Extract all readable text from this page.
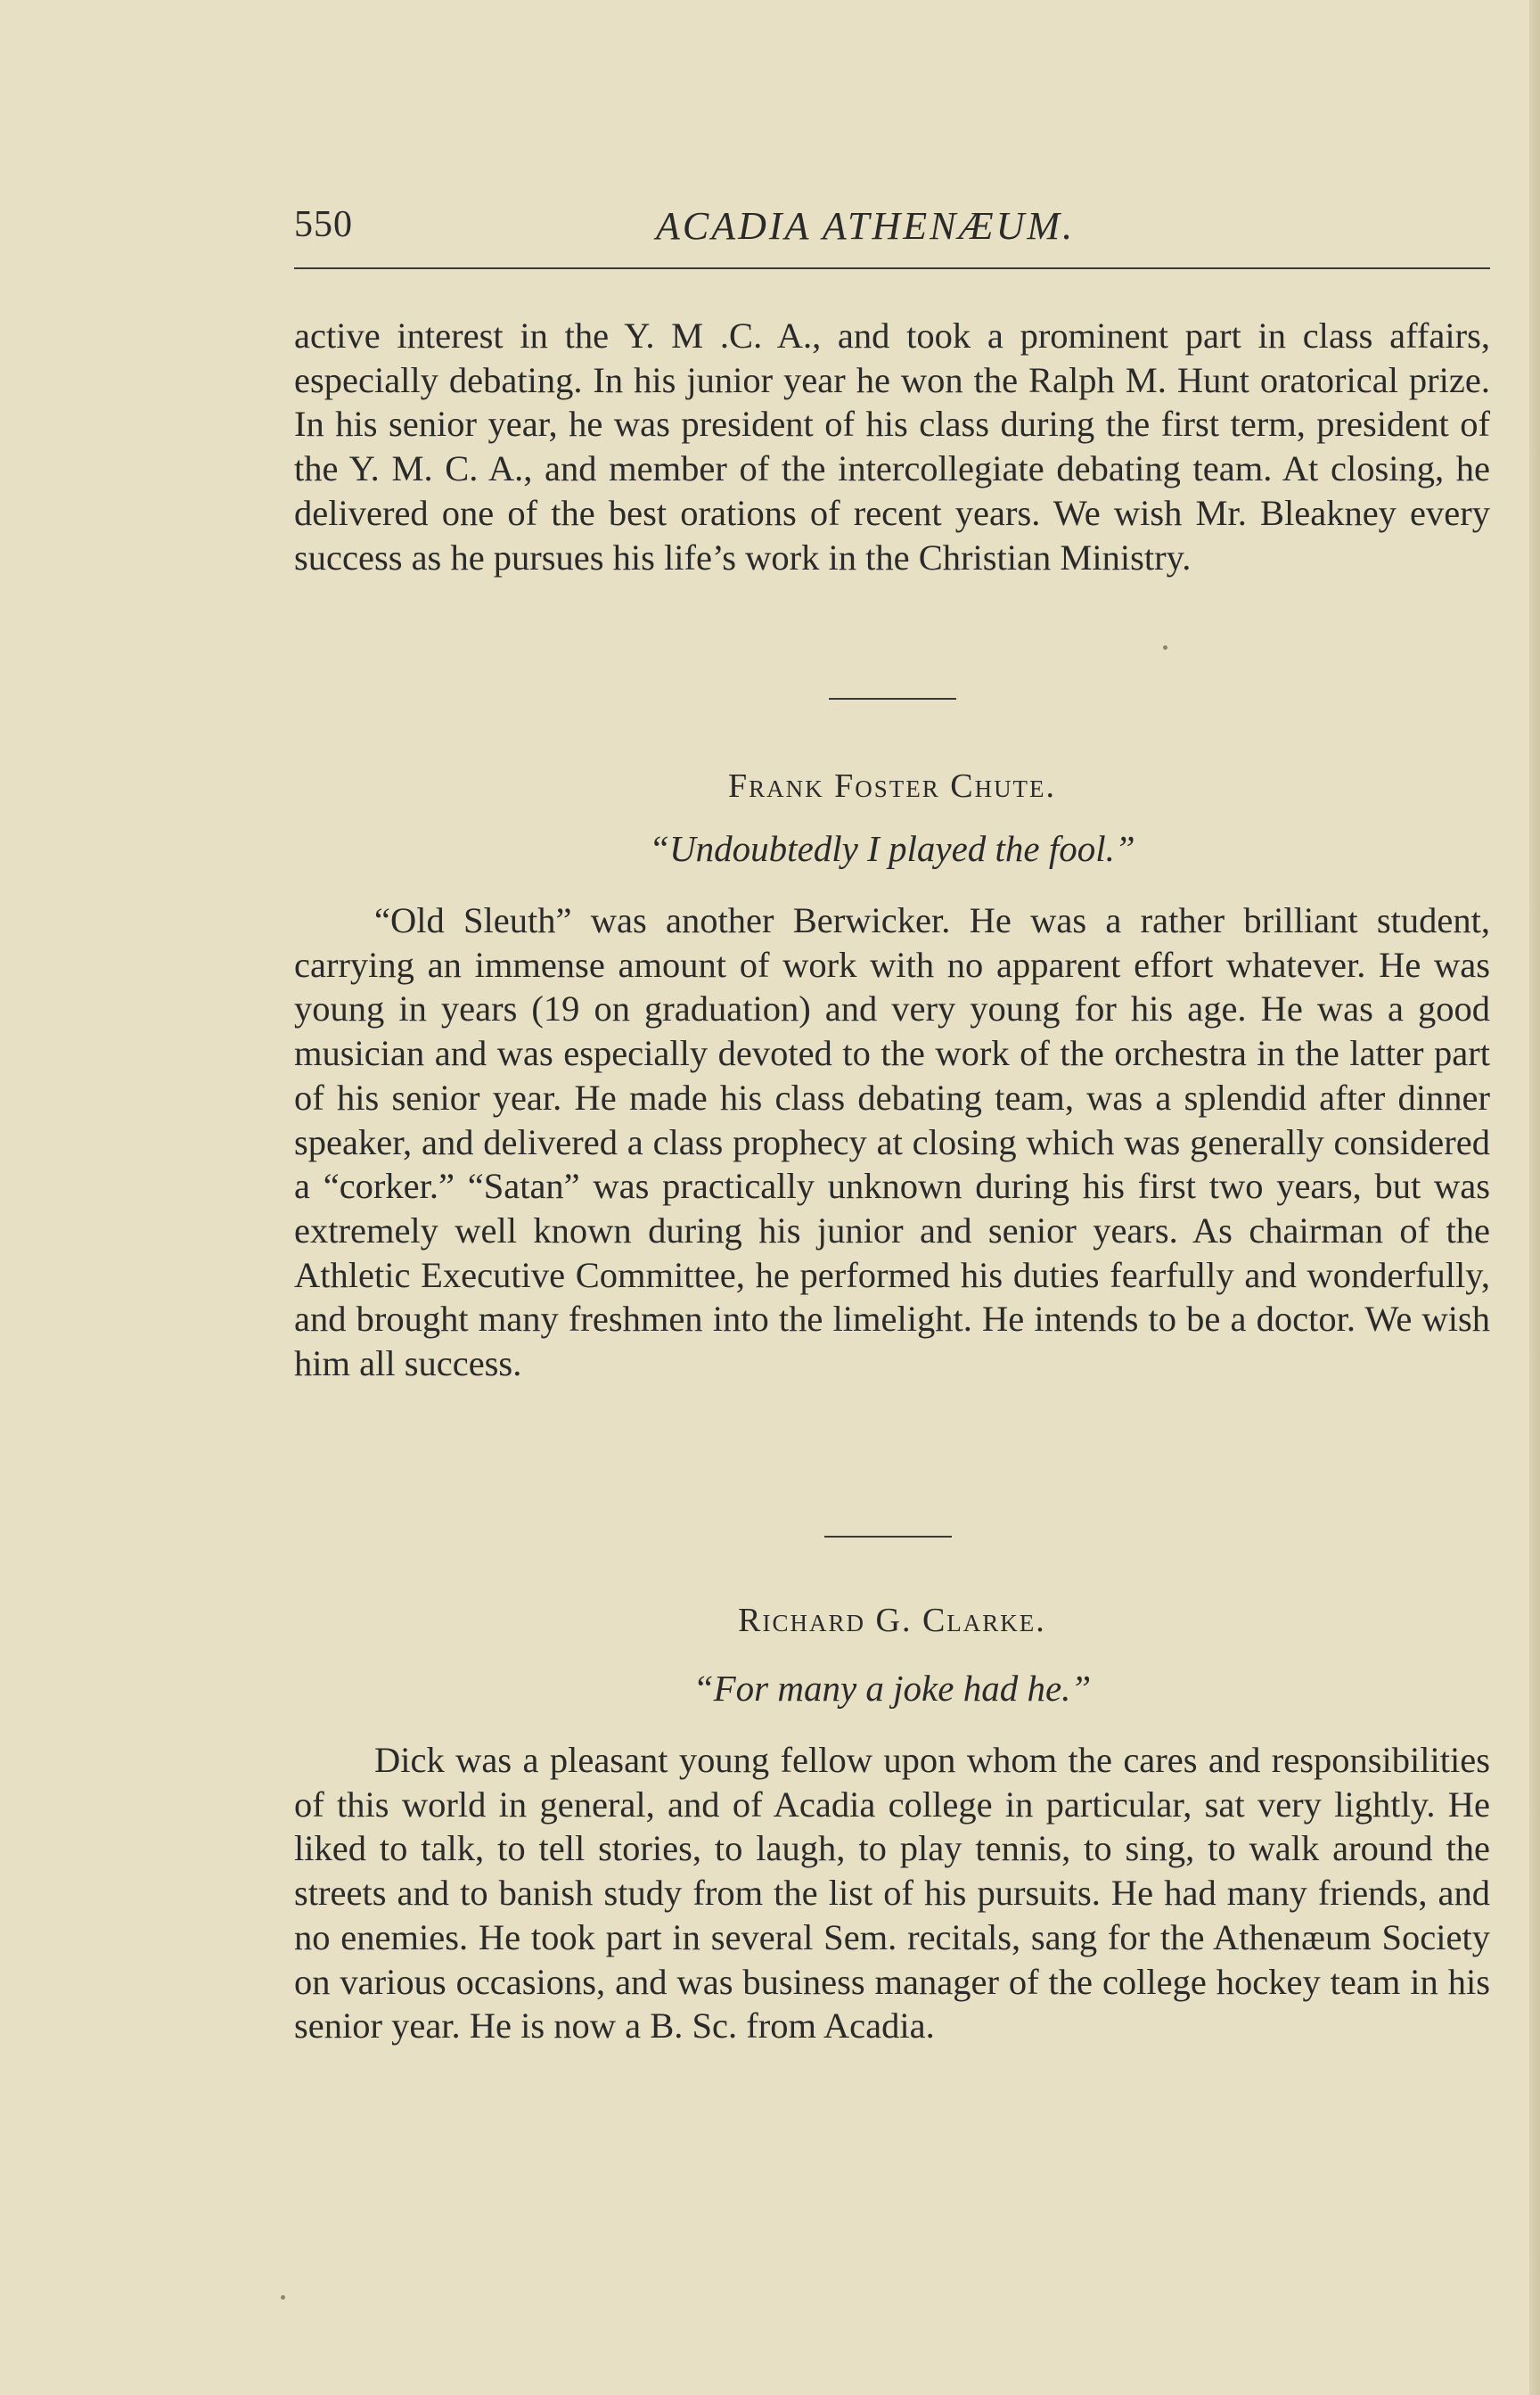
550	ACADIA ATHENÆUM.

active interest in the Y. M .C. A., and took a prominent part in class affairs, especially debating. In his junior year he won the Ralph M. Hunt oratorical prize. In his senior year, he was president of his class during the first term, president of the Y. M. C. A., and member of the intercollegiate debating team. At closing, he delivered one of the best orations of recent years. We wish Mr. Bleakney every success as he pursues his life’s work in the Christian Ministry.

Frank Foster Chute.
“Undoubtedly I played the fool.”

“Old Sleuth” was another Berwicker. He was a rather brilliant student, carrying an immense amount of work with no apparent effort whatever. He was young in years (19 on graduation) and very young for his age. He was a good musician and was especially devoted to the work of the orchestra in the latter part of his senior year. He made his class debating team, was a splendid after dinner speaker, and delivered a class prophecy at closing which was generally considered a “corker.” “Satan” was practically unknown during his first two years, but was extremely well known during his junior and senior years. As chairman of the Athletic Executive Committee, he performed his duties fearfully and wonderfully, and brought many freshmen into the limelight. He intends to be a doctor. We wish him all success.

Richard G. Clarke.
“For many a joke had he.”

Dick was a pleasant young fellow upon whom the cares and responsibilities of this world in general, and of Acadia college in particular, sat very lightly. He liked to talk, to tell stories, to laugh, to play tennis, to sing, to walk around the streets and to banish study from the list of his pursuits. He had many friends, and no enemies. He took part in several Sem. recitals, sang for the Athenæum Society on various occasions, and was business manager of the college hockey team in his senior year. He is now a B. Sc. from Acadia.
